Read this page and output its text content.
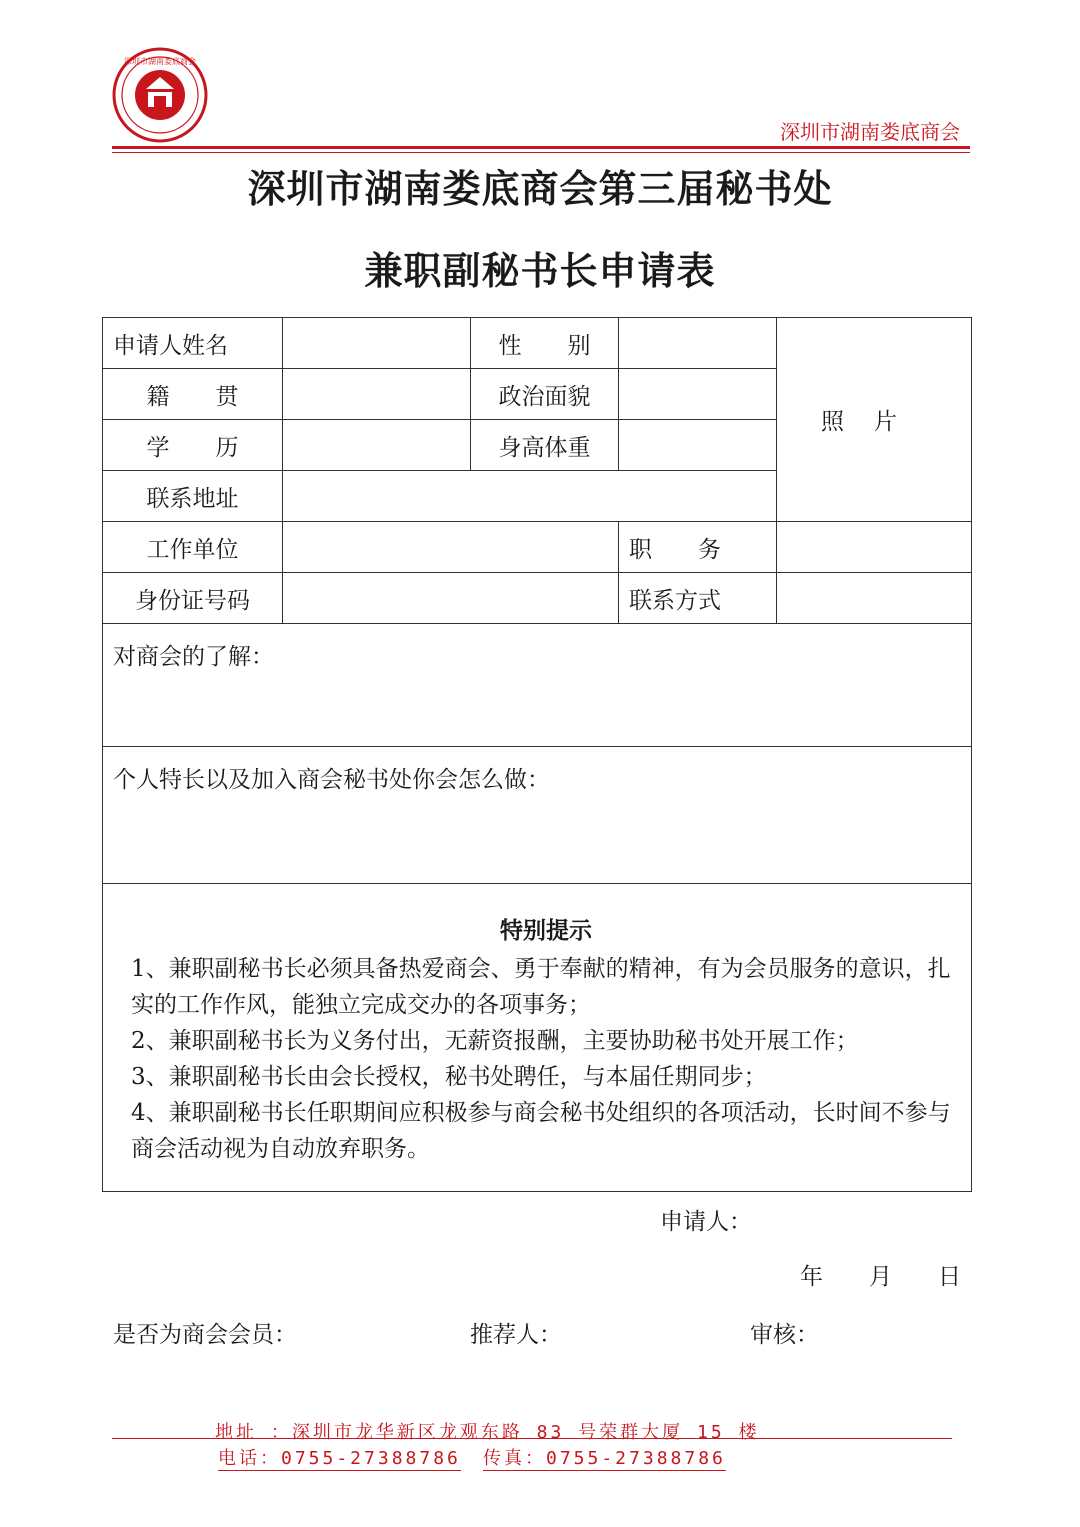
深圳市湖南娄底商会
深圳市湖南娄底商会
深圳市湖南娄底商会第三届秘书处
兼职副秘书长申请表
申请人姓名		性　　别		照片
籍　　贯		政治面貌		
学　　历		身高体重		
联系地址				
工作单位			职　　务	
身份证号码			联系方式	
对商会的了解：				
个人特长以及加入商会秘书处你会怎么做：				

特别提示
1、兼职副秘书长必须具备热爱商会、勇于奉献的精神，有为会员服务的意识，扎实的工作作风，能独立完成交办的各项事务；
2、兼职副秘书长为义务付出，无薪资报酬，主要协助秘书处开展工作；
3、兼职副秘书长由会长授权，秘书处聘任，与本届任期同步；
4、兼职副秘书长任职期间应积极参与商会秘书处组织的各项活动，长时间不参与商会活动视为自动放弃职务。				
申请人：
年　　月　　日
是否为商会会员：	推荐人：	审核：
地址 ：深圳市龙华新区龙观东路 83 号荣群大厦 15 楼
电话：0755-27388786 传真：0755-27388786
